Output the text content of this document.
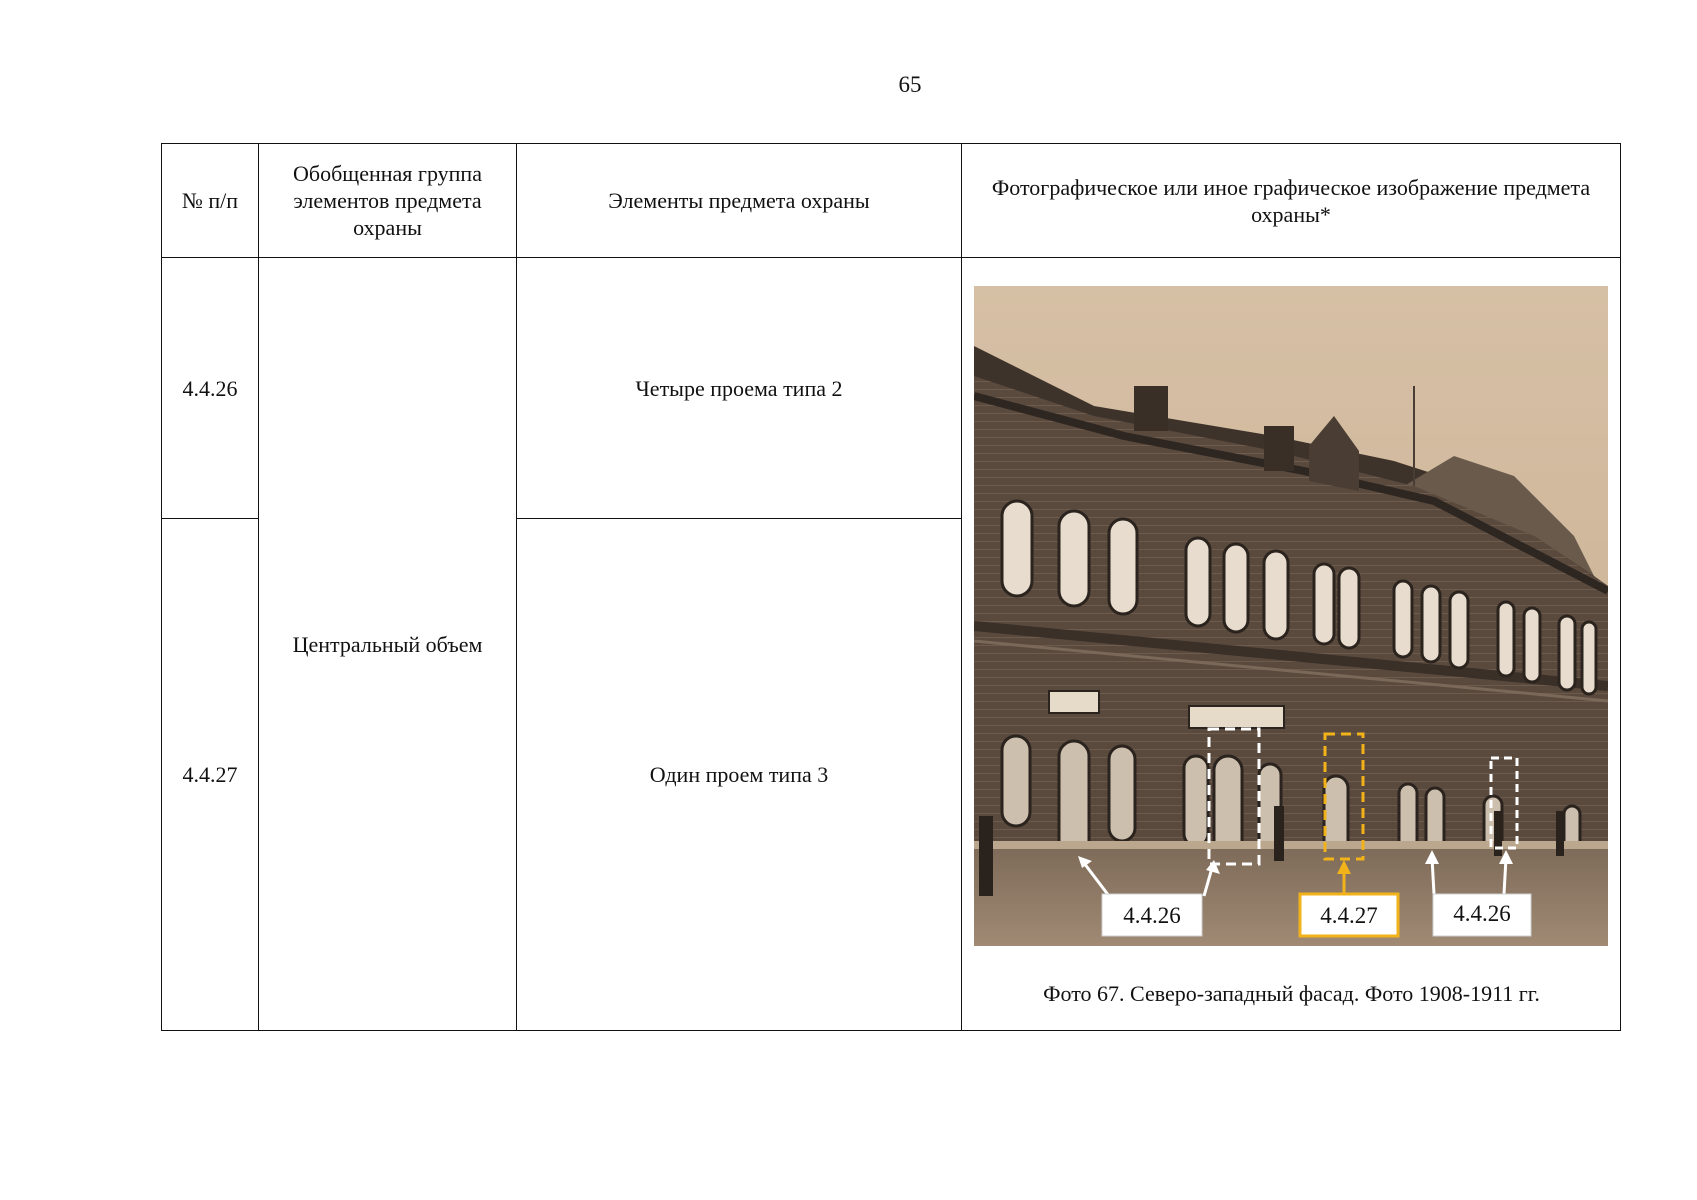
65
№ п/п	Обобщенная группа элементов предмета охраны	Элементы предмета охраны	Фотографическое или иное графическое изображение предмета охраны*
4.4.26	Центральный объем	Четыре проема типа 2	4.4.26 4.4.27 4.4.26
Фото 67. Северо-западный фасад. Фото 1908-1911 гг.

4.4.27		Один проем типа 3	
